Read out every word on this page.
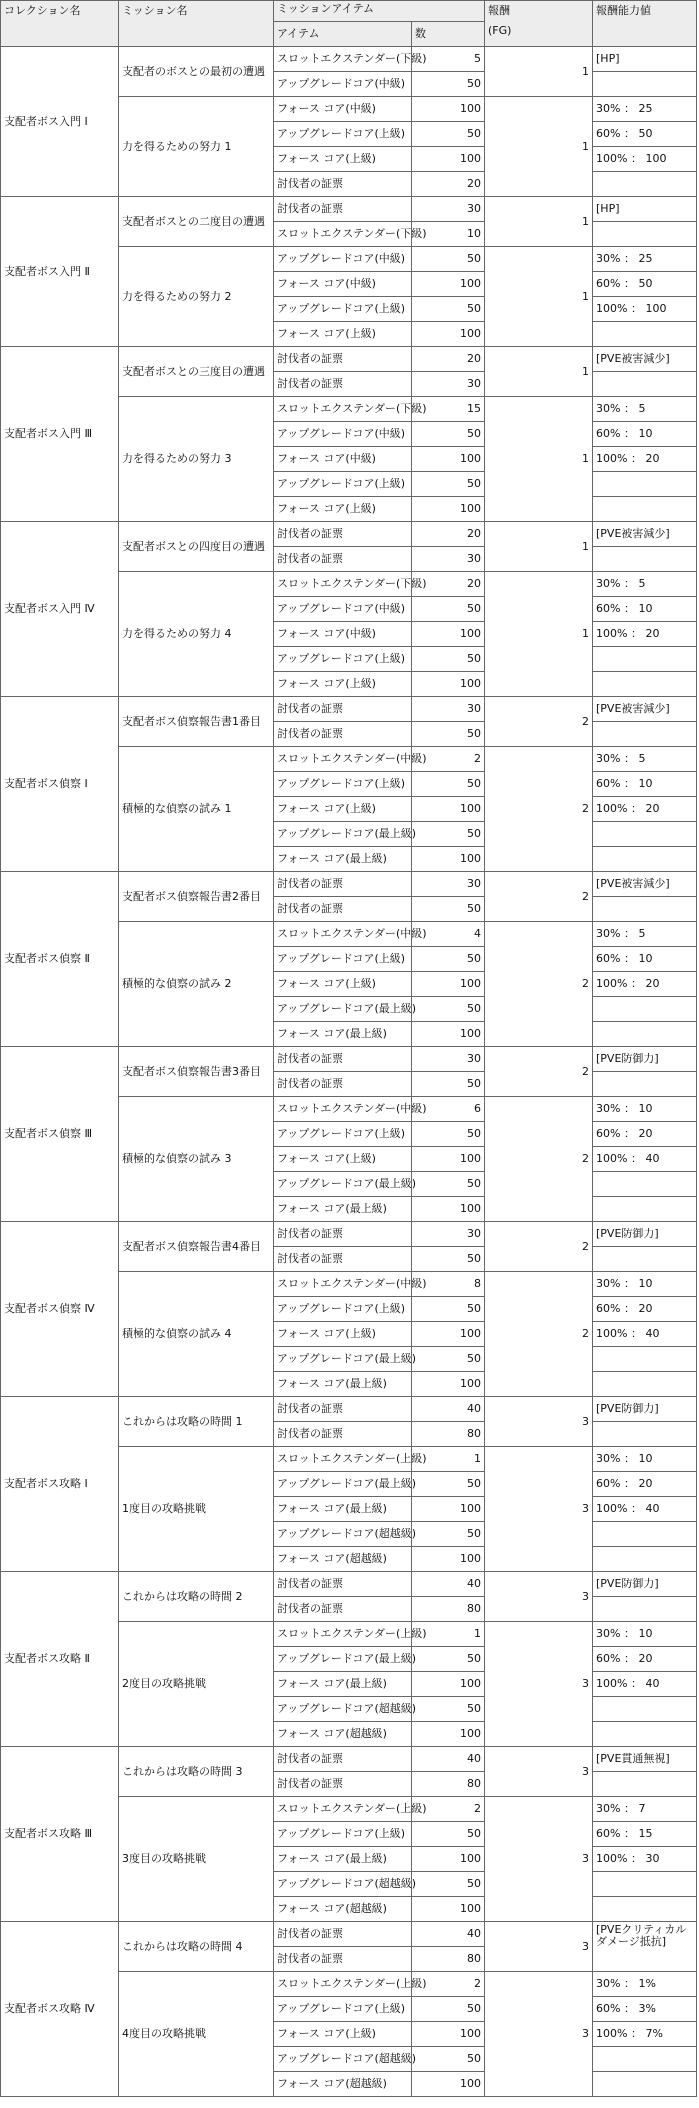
コレクション名	ミッション名	ミッションアイテム		報酬
(FG)	報酬能力値
		アイテム	数		
支配者ボス入門 Ⅰ	支配者のボスとの最初の遭遇	スロットエクステンダー(下級)	5	1	[HP]
		アップグレードコア(中級)	50		
	力を得るための努力 1	フォース コア(中級)	100	1	30% ： 25
		アップグレードコア(上級)	50		60% ： 50
		フォース コア(上級)	100		100% ： 100
		討伐者の証票	20		
支配者ボス入門 Ⅱ	支配者ボスとの二度目の遭遇	討伐者の証票	30	1	[HP]
		スロットエクステンダー(下級)	10		
	力を得るための努力 2	アップグレードコア(中級)	50	1	30% ： 25
		フォース コア(中級)	100		60% ： 50
		アップグレードコア(上級)	50		100% ： 100
		フォース コア(上級)	100		
支配者ボス入門 Ⅲ	支配者ボスとの三度目の遭遇	討伐者の証票	20	1	[PVE被害減少]
		討伐者の証票	30		
	力を得るための努力 3	スロットエクステンダー(下級)	15	1	30% ： 5
		アップグレードコア(中級)	50		60% ： 10
		フォース コア(中級)	100		100% ： 20
		アップグレードコア(上級)	50		
		フォース コア(上級)	100		
支配者ボス入門 Ⅳ	支配者ボスとの四度目の遭遇	討伐者の証票	20	1	[PVE被害減少]
		討伐者の証票	30		
	力を得るための努力 4	スロットエクステンダー(下級)	20	1	30% ： 5
		アップグレードコア(中級)	50		60% ： 10
		フォース コア(中級)	100		100% ： 20
		アップグレードコア(上級)	50		
		フォース コア(上級)	100		
支配者ボス偵察 Ⅰ	支配者ボス偵察報告書1番目	討伐者の証票	30	2	[PVE被害減少]
		討伐者の証票	50		
	積極的な偵察の試み 1	スロットエクステンダー(中級)	2	2	30% ： 5
		アップグレードコア(上級)	50		60% ： 10
		フォース コア(上級)	100		100% ： 20
		アップグレードコア(最上級)	50		
		フォース コア(最上級)	100		
支配者ボス偵察 Ⅱ	支配者ボス偵察報告書2番目	討伐者の証票	30	2	[PVE被害減少]
		討伐者の証票	50		
	積極的な偵察の試み 2	スロットエクステンダー(中級)	4	2	30% ： 5
		アップグレードコア(上級)	50		60% ： 10
		フォース コア(上級)	100		100% ： 20
		アップグレードコア(最上級)	50		
		フォース コア(最上級)	100		
支配者ボス偵察 Ⅲ	支配者ボス偵察報告書3番目	討伐者の証票	30	2	[PVE防御力]
		討伐者の証票	50		
	積極的な偵察の試み 3	スロットエクステンダー(中級)	6	2	30% ： 10
		アップグレードコア(上級)	50		60% ： 20
		フォース コア(上級)	100		100% ： 40
		アップグレードコア(最上級)	50		
		フォース コア(最上級)	100		
支配者ボス偵察 Ⅳ	支配者ボス偵察報告書4番目	討伐者の証票	30	2	[PVE防御力]
		討伐者の証票	50		
	積極的な偵察の試み 4	スロットエクステンダー(中級)	8	2	30% ： 10
		アップグレードコア(上級)	50		60% ： 20
		フォース コア(上級)	100		100% ： 40
		アップグレードコア(最上級)	50		
		フォース コア(最上級)	100		
支配者ボス攻略 Ⅰ	これからは攻略の時間 1	討伐者の証票	40	3	[PVE防御力]
		討伐者の証票	80		
	1度目の攻略挑戦	スロットエクステンダー(上級)	1	3	30% ： 10
		アップグレードコア(最上級)	50		60% ： 20
		フォース コア(最上級)	100		100% ： 40
		アップグレードコア(超越級)	50		
		フォース コア(超越級)	100		
支配者ボス攻略 Ⅱ	これからは攻略の時間 2	討伐者の証票	40	3	[PVE防御力]
		討伐者の証票	80		
	2度目の攻略挑戦	スロットエクステンダー(上級)	1	3	30% ： 10
		アップグレードコア(最上級)	50		60% ： 20
		フォース コア(最上級)	100		100% ： 40
		アップグレードコア(超越級)	50		
		フォース コア(超越級)	100		
支配者ボス攻略 Ⅲ	これからは攻略の時間 3	討伐者の証票	40	3	[PVE貫通無視]
		討伐者の証票	80		
	3度目の攻略挑戦	スロットエクステンダー(上級)	2	3	30% ： 7
		アップグレードコア(上級)	50		60% ： 15
		フォース コア(最上級)	100		100% ： 30
		アップグレードコア(超越級)	50		
		フォース コア(超越級)	100		
支配者ボス攻略 Ⅳ	これからは攻略の時間 4	討伐者の証票	40	3	[PVEクリティカルダメージ抵抗]
		討伐者の証票	80		
	4度目の攻略挑戦	スロットエクステンダー(上級)	2	3	30% ： 1%
		アップグレードコア(上級)	50		60% ： 3%
		フォース コア(上級)	100		100% ： 7%
		アップグレードコア(超越級)	50		
		フォース コア(超越級)	100		
